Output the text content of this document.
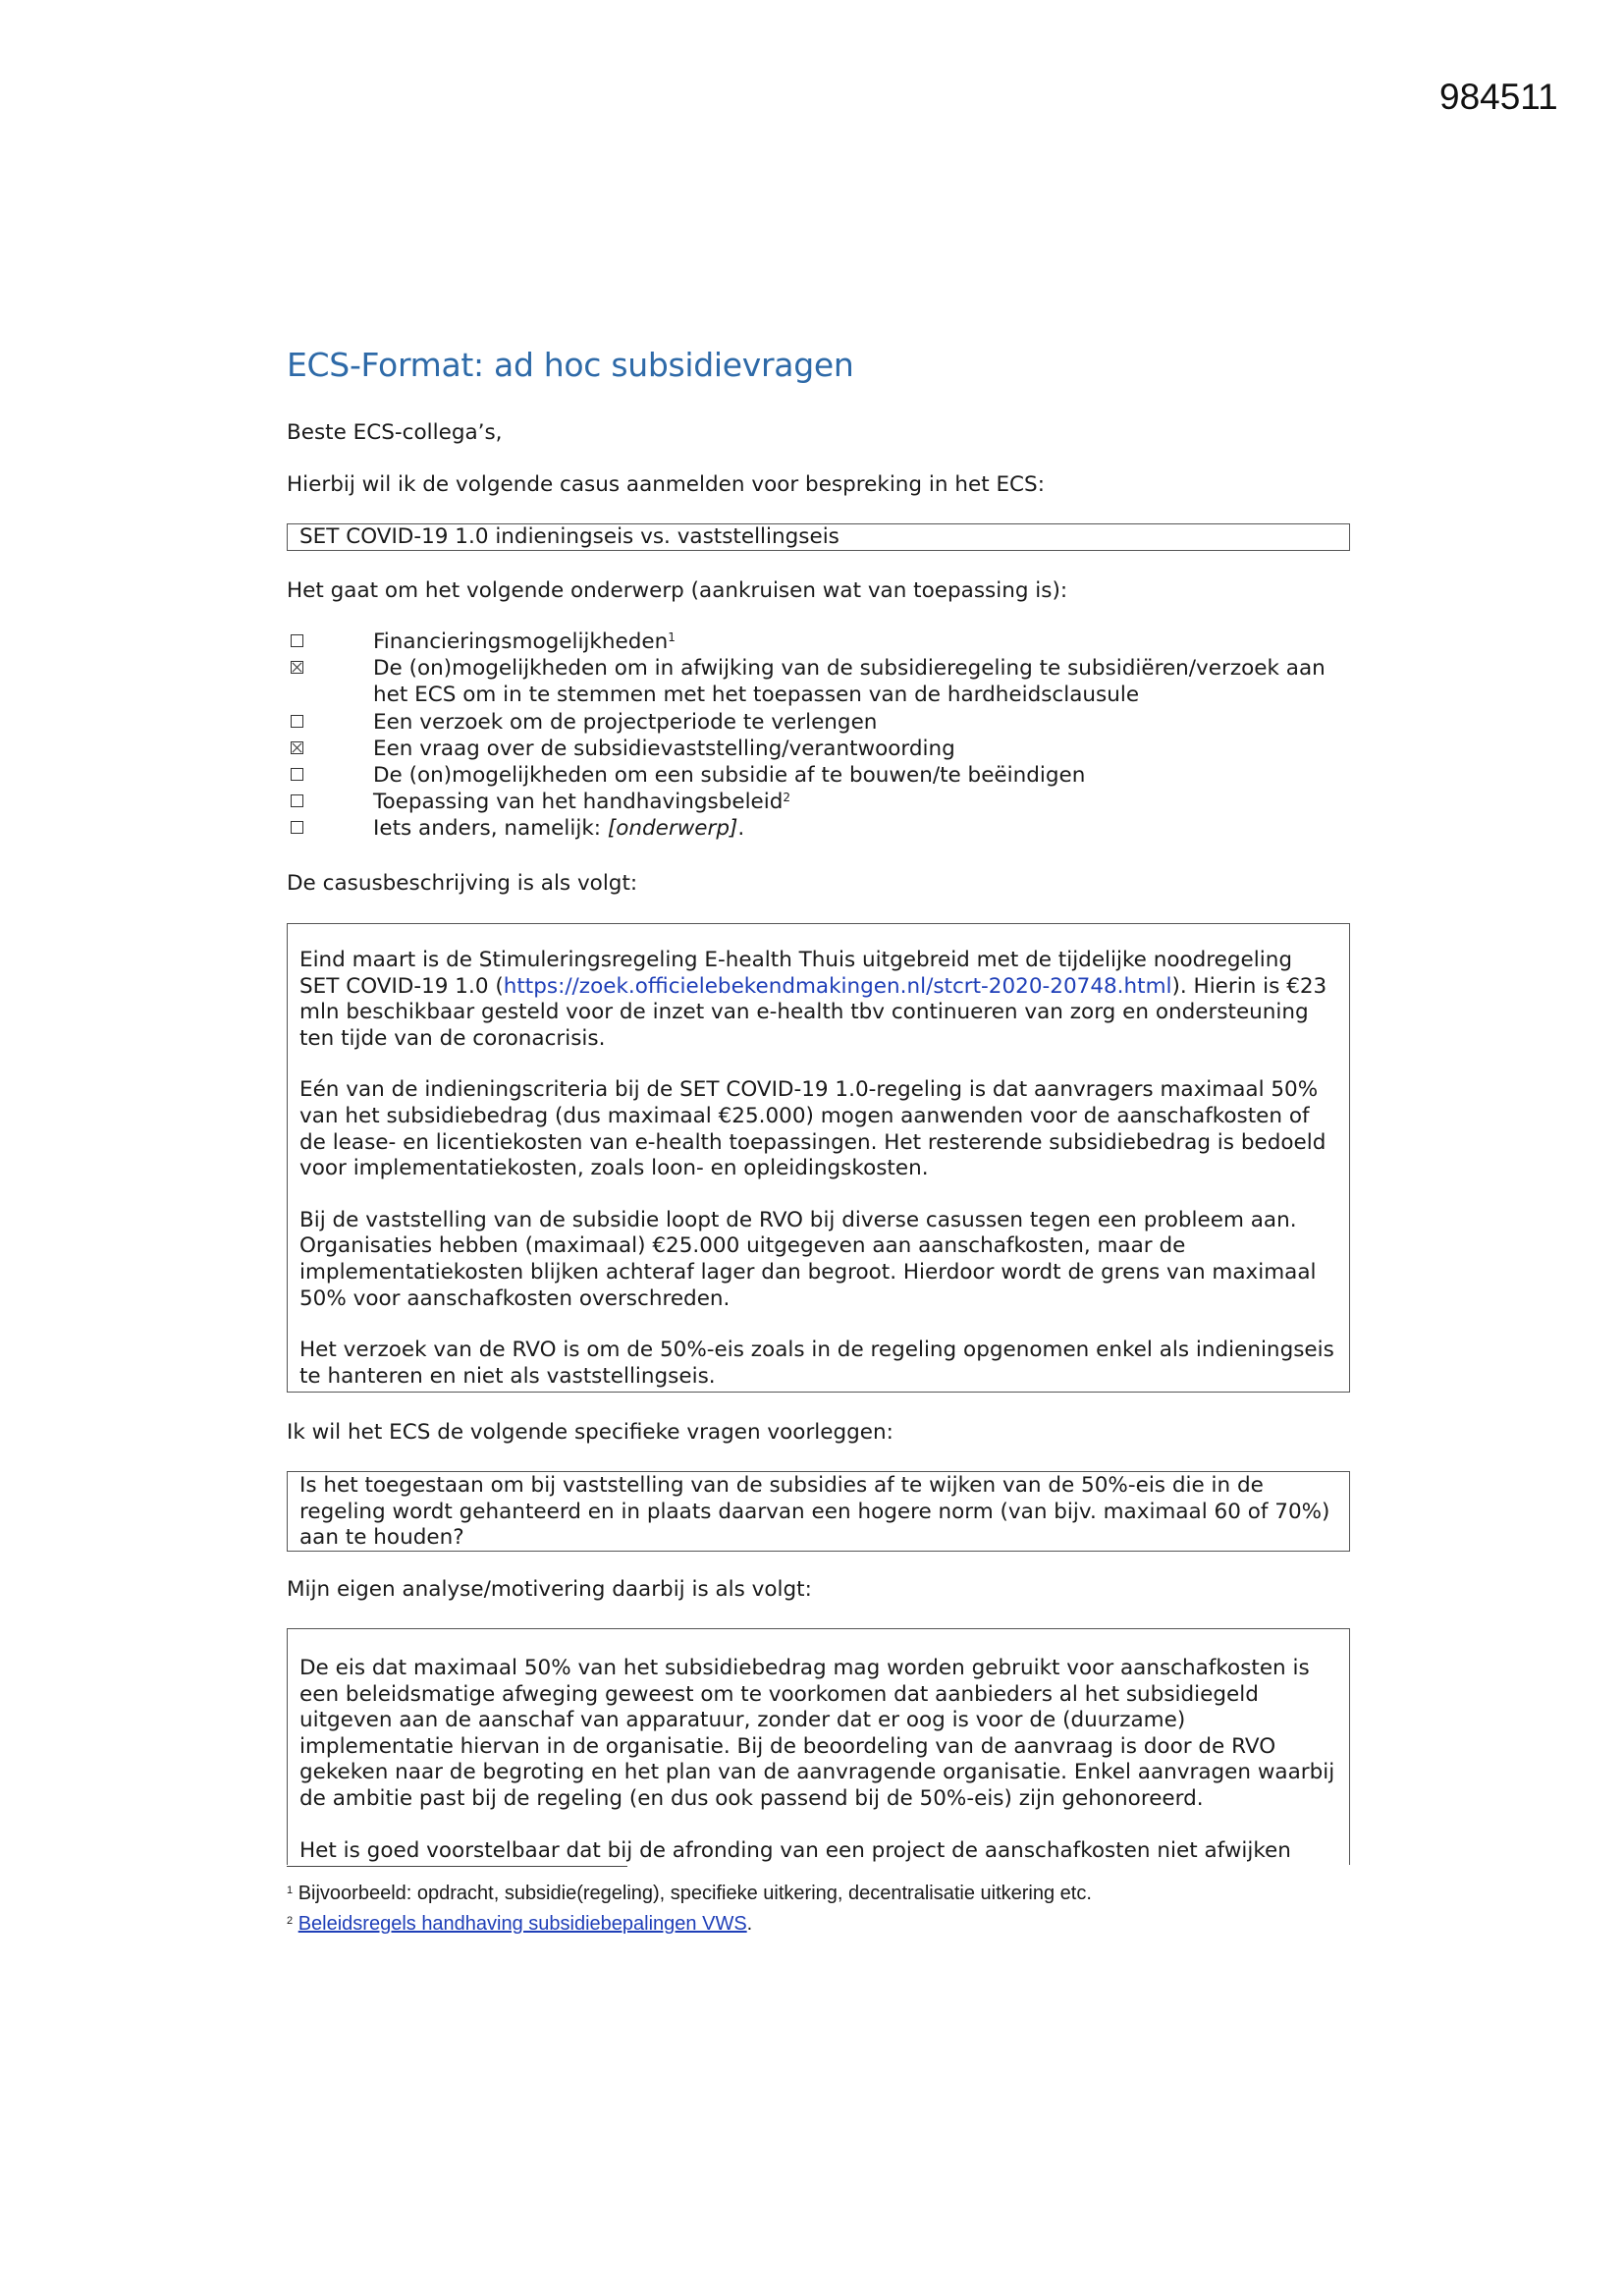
984511
ECS-Format: ad hoc subsidievragen
Beste ECS-collega’s,
Hierbij wil ik de volgende casus aanmelden voor bespreking in het ECS:
SET COVID-19 1.0 indieningseis vs. vaststellingseis
Het gaat om het volgende onderwerp (aankruisen wat van toepassing is):
Financieringsmogelijkheden$^1$
De (on)mogelijkheden om in afwijking van de subsidieregeling te subsidiëren/verzoek aan het ECS om in te stemmen met het toepassen van de hardheidsclausule
Een verzoek om de projectperiode te verlengen
Een vraag over de subsidievaststelling/verantwoording
De (on)mogelijkheden om een subsidie af te bouwen/te beëindigen
Toepassing van het handhavingsbeleid$^2$
Iets anders, namelijk: [onderwerp].
De casusbeschrijving is als volgt:

Eind maart is de Stimuleringsregeling E-health Thuis uitgebreid met de tijdelijke noodregeling SET COVID-19 1.0 (https://zoek.officielebekendmakingen.nl/stcrt-2020-20748.html). Hierin is €23 mln beschikbaar gesteld voor de inzet van e-health tbv continueren van zorg en ondersteuning ten tijde van de coronacrisis.

Eén van de indieningscriteria bij de SET COVID-19 1.0-regeling is dat aanvragers maximaal 50% van het subsidiebedrag (dus maximaal €25.000) mogen aanwenden voor de aanschafkosten of de lease- en licentiekosten van e-health toepassingen. Het resterende subsidiebedrag is bedoeld voor implementatiekosten, zoals loon- en opleidingskosten.

Bij de vaststelling van de subsidie loopt de RVO bij diverse casussen tegen een probleem aan. Organisaties hebben (maximaal) €25.000 uitgegeven aan aanschafkosten, maar de implementatiekosten blijken achteraf lager dan begroot. Hierdoor wordt de grens van maximaal 50% voor aanschafkosten overschreden.

Het verzoek van de RVO is om de 50%-eis zoals in de regeling opgenomen enkel als indieningseis te hanteren en niet als vaststellingseis.

Ik wil het ECS de volgende specifieke vragen voorleggen:

Is het toegestaan om bij vaststelling van de subsidies af te wijken van de 50%-eis die in de regeling wordt gehanteerd en in plaats daarvan een hogere norm (van bijv. maximaal 60 of 70%) aan te houden?

Mijn eigen analyse/motivering daarbij is als volgt:

De eis dat maximaal 50% van het subsidiebedrag mag worden gebruikt voor aanschafkosten is een beleidsmatige afweging geweest om te voorkomen dat aanbieders al het subsidiegeld uitgeven aan de aanschaf van apparatuur, zonder dat er oog is voor de (duurzame) implementatie hiervan in de organisatie. Bij de beoordeling van de aanvraag is door de RVO gekeken naar de begroting en het plan van de aanvragende organisatie. Enkel aanvragen waarbij de ambitie past bij de regeling (en dus ook passend bij de 50%-eis) zijn gehonoreerd.

Het is goed voorstelbaar dat bij de afronding van een project de aanschafkosten niet afwijken

$^1$ Bijvoorbeeld: opdracht, subsidie(regeling), specifieke uitkering, decentralisatie uitkering etc.
$^2$ Beleidsregels handhaving subsidiebepalingen VWS.
